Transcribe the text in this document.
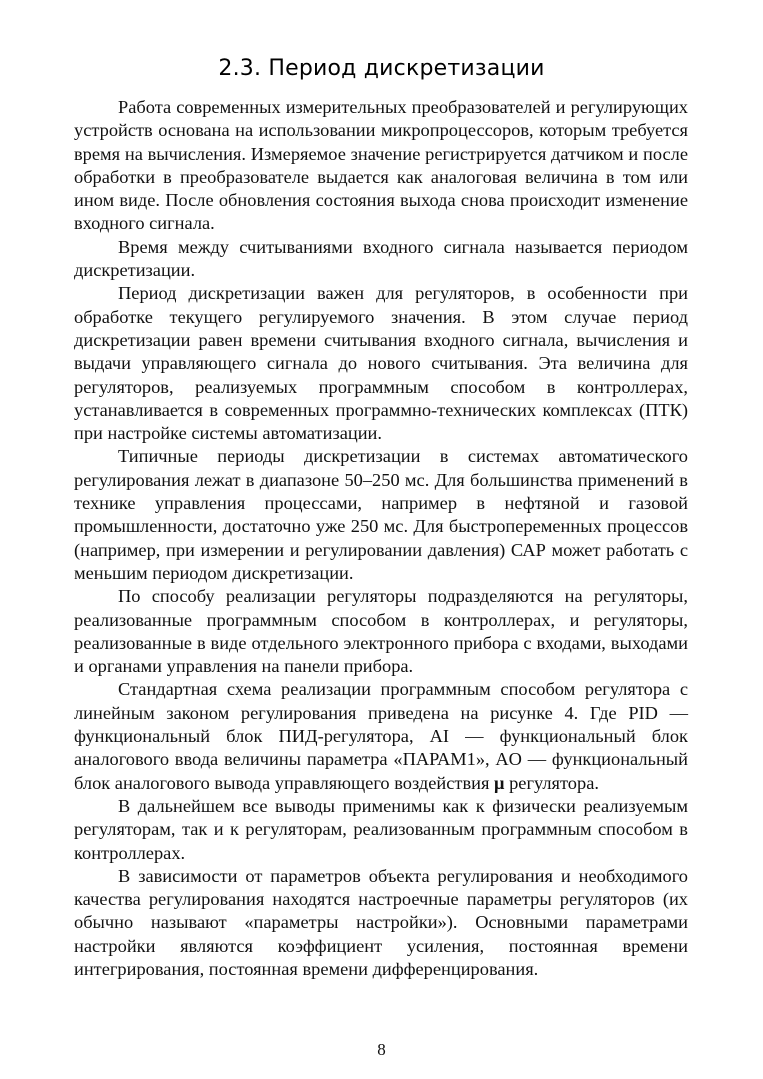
2.3. Период дискретизации

Работа современных измерительных преобразователей и регулирующих устройств основана на использовании микропроцессоров, которым требуется время на вычисления. Измеряемое значение регистрируется датчиком и после обработки в преобразователе выдается как аналоговая величина в том или ином виде. После обновления состояния выхода снова происходит изменение входного сигнала.

Время между считываниями входного сигнала называется периодом дискретизации.

Период дискретизации важен для регуляторов, в особенности при обработке текущего регулируемого значения. В этом случае период дискретизации равен времени считывания входного сигнала, вычисления и выдачи управляющего сигнала до нового считывания. Эта величина для регуляторов, реализуемых программным способом в контроллерах, устанавливается в современных программно-технических комплексах (ПТК) при настройке системы автоматизации.

Типичные периоды дискретизации в системах автоматического регулирования лежат в диапазоне 50–250 мс. Для большинства применений в технике управления процессами, например в нефтяной и газовой промышленности, достаточно уже 250 мс. Для быстропеременных процессов (например, при измерении и регулировании давления) САР может работать с меньшим периодом дискретизации.

По способу реализации регуляторы подразделяются на регуляторы, реализованные программным способом в контроллерах, и регуляторы, реализованные в виде отдельного электронного прибора с входами, выходами и органами управления на панели прибора.

Стандартная схема реализации программным способом регулятора с линейным законом регулирования приведена на рисунке 4. Где PID — функциональный блок ПИД-регулятора, AI — функциональный блок аналогового ввода величины параметра «ПАРАМ1», AO — функциональный блок аналогового вывода управляющего воздействия μ регулятора.

В дальнейшем все выводы применимы как к физически реализуемым регуляторам, так и к регуляторам, реализованным программным способом в контроллерах.

В зависимости от параметров объекта регулирования и необходимого качества регулирования находятся настроечные параметры регуляторов (их обычно называют «параметры настройки»). Основными параметрами настройки являются коэффициент усиления, постоянная времени интегрирования, постоянная времени дифференцирования.

8
